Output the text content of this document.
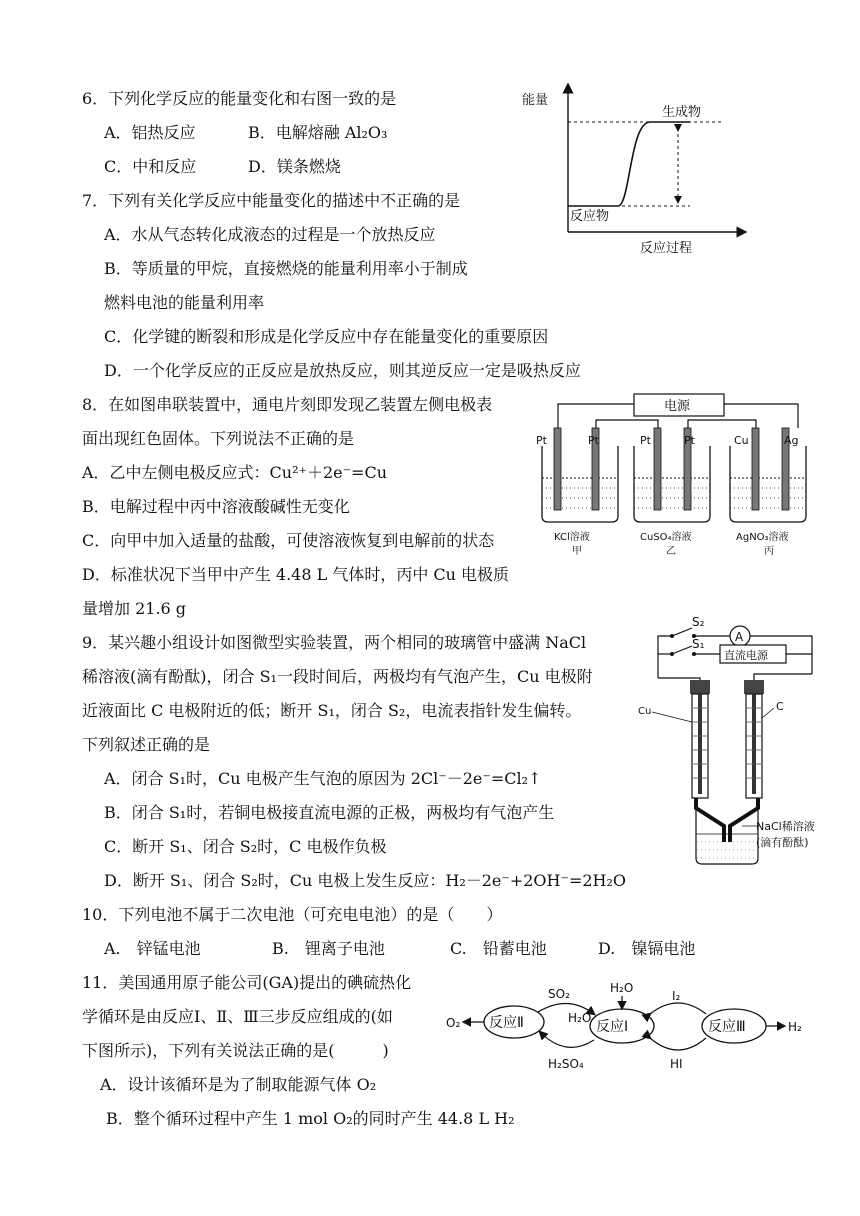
6．下列化学反应的能量变化和右图一致的是
A．铝热反应	B．电解熔融 Al₂O₃
C．中和反应	D．镁条燃烧
7．下列有关化学反应中能量变化的描述中不正确的是
A．水从气态转化成液态的过程是一个放热反应
B．等质量的甲烷，直接燃烧的能量利用率小于制成
燃料电池的能量利用率
C．化学键的断裂和形成是化学反应中存在能量变化的重要原因
D．一个化学反应的正反应是放热反应，则其逆反应一定是吸热反应
8．在如图串联装置中，通电片刻即发现乙装置左侧电极表
面出现红色固体。下列说法不正确的是
A．乙中左侧电极反应式：Cu²⁺＋2e⁻=Cu
B．电解过程中丙中溶液酸碱性无变化
C．向甲中加入适量的盐酸，可使溶液恢复到电解前的状态
D．标准状况下当甲中产生 4.48 L 气体时，丙中 Cu 电极质
量增加 21.6 g
9．某兴趣小组设计如图微型实验装置，两个相同的玻璃管中盛满 NaCl
稀溶液(滴有酚酞)，闭合 S₁一段时间后，两极均有气泡产生，Cu 电极附
近液面比 C 电极附近的低；断开 S₁，闭合 S₂，电流表指针发生偏转。
下列叙述正确的是
A．闭合 S₁时，Cu 电极产生气泡的原因为 2Cl⁻－2e⁻=Cl₂↑
B．闭合 S₁时，若铜电极接直流电源的正极，两极均有气泡产生
C．断开 S₁、闭合 S₂时，C 电极作负极
D．断开 S₁、闭合 S₂时，Cu 电极上发生反应：H₂－2e⁻+2OH⁻=2H₂O
10．下列电池不属于二次电池（可充电电池）的是（　　）
A.　锌锰电池	B.　锂离子电池	C.　铅蓄电池	D.　镍镉电池
11．美国通用原子能公司(GA)提出的碘硫热化
学循环是由反应Ⅰ、Ⅱ、Ⅲ三步反应组成的(如
下图所示)，下列有关说法正确的是(　　　)
A．设计该循环是为了制取能源气体 O₂
B．整个循环过程中产生 1 mol O₂的同时产生 44.8 L H₂
能量
反应过程
生成物
反应物
电源
Pt	Pt	Pt	Pt	Cu	Ag
KCl溶液
甲
CuSO₄溶液
乙
AgNO₃溶液
丙
A
S₂
S₁
直流电源
Cu	C
NaCl稀溶液
(滴有酚酞)
反应Ⅱ	反应Ⅰ	反应Ⅲ
O₂	H₂
H₂O
SO₂
H₂O
H₂SO₄
I₂
HI
